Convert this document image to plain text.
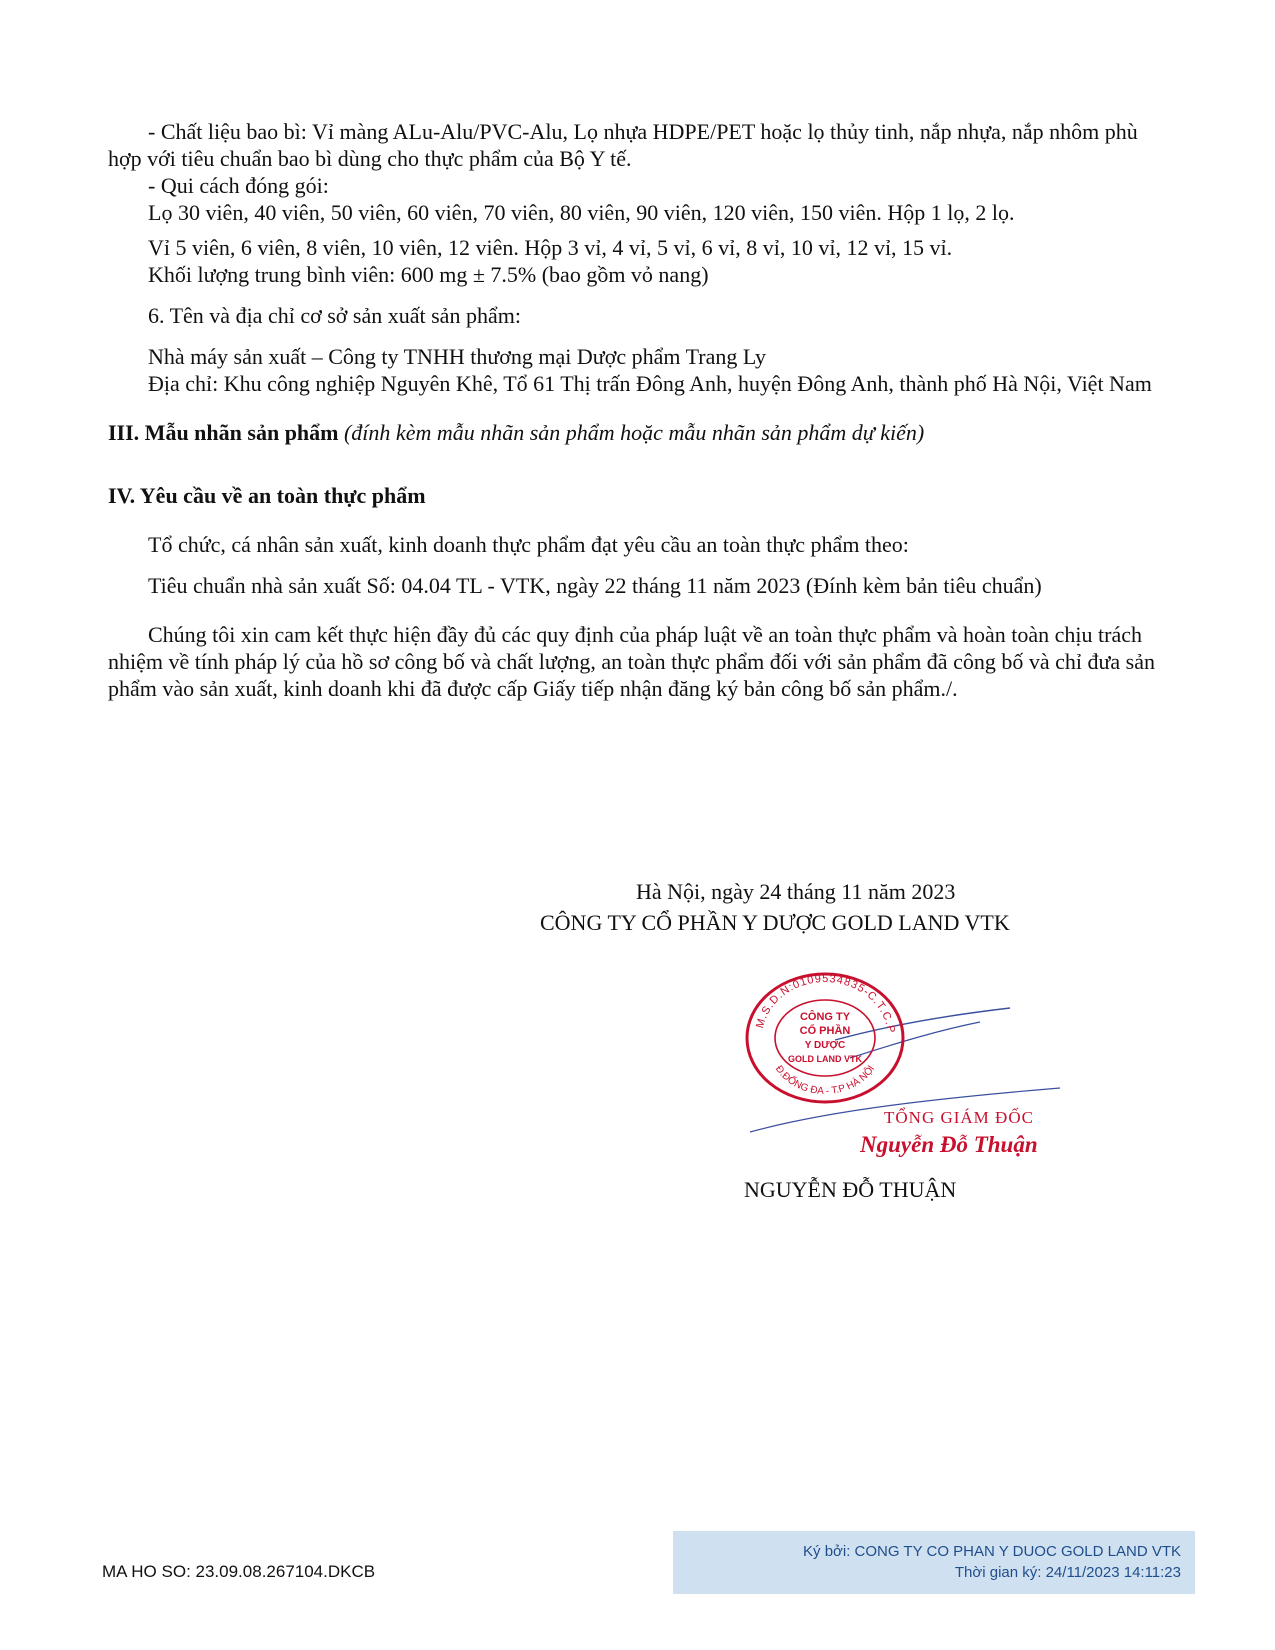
- Chất liệu bao bì: Vỉ màng ALu-Alu/PVC-Alu, Lọ nhựa HDPE/PET hoặc lọ thủy tinh, nắp nhựa, nắp nhôm phù hợp với tiêu chuẩn bao bì dùng cho thực phẩm của Bộ Y tế.

- Qui cách đóng gói:

Lọ 30 viên, 40 viên, 50 viên, 60 viên, 70 viên, 80 viên, 90 viên, 120 viên, 150 viên. Hộp 1 lọ, 2 lọ.

Vỉ 5 viên, 6 viên, 8 viên, 10 viên, 12 viên. Hộp 3 vỉ, 4 vỉ, 5 vỉ, 6 vỉ, 8 vỉ, 10 vỉ, 12 vỉ, 15 vỉ.

Khối lượng trung bình viên: 600 mg ± 7.5% (bao gồm vỏ nang)

6. Tên và địa chỉ cơ sở sản xuất sản phẩm:

Nhà máy sản xuất – Công ty TNHH thương mại Dược phẩm Trang Ly

Địa chỉ: Khu công nghiệp Nguyên Khê, Tổ 61 Thị trấn Đông Anh, huyện Đông Anh, thành phố Hà Nội, Việt Nam

III. Mẫu nhãn sản phẩm (đính kèm mẫu nhãn sản phẩm hoặc mẫu nhãn sản phẩm dự kiến)

IV. Yêu cầu về an toàn thực phẩm

Tổ chức, cá nhân sản xuất, kinh doanh thực phẩm đạt yêu cầu an toàn thực phẩm theo:

Tiêu chuẩn nhà sản xuất Số: 04.04 TL - VTK, ngày 22 tháng 11 năm 2023 (Đính kèm bản tiêu chuẩn)

Chúng tôi xin cam kết thực hiện đầy đủ các quy định của pháp luật về an toàn thực phẩm và hoàn toàn chịu trách nhiệm về tính pháp lý của hồ sơ công bố và chất lượng, an toàn thực phẩm đối với sản phẩm đã công bố và chỉ đưa sản phẩm vào sản xuất, kinh doanh khi đã được cấp Giấy tiếp nhận đăng ký bản công bố sản phẩm./.

Hà Nội, ngày 24 tháng 11 năm 2023
CÔNG TY CỔ PHẦN Y DƯỢC GOLD LAND VTK
M.S.D.N:0109534835-C.T.C.P
Đ.ĐỐNG ĐA - T.P HÀ NỘI
CÔNG TY
CỔ PHẦN
Y DƯỢC
GOLD LAND VTK
TỔNG GIÁM ĐỐC
Nguyễn Đỗ Thuận
NGUYỄN ĐỖ THUẬN
MA HO SO: 23.09.08.267104.DKCB
Ký bởi: CONG TY CO PHAN Y DUOC GOLD LAND VTK
Thời gian ký: 24/11/2023 14:11:23
